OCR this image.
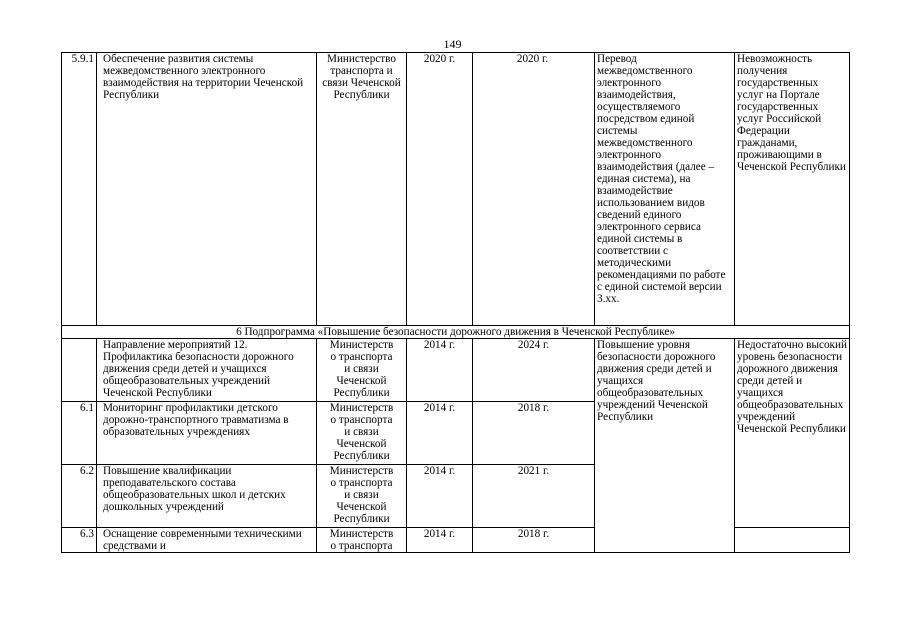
149
5.9.1	Обеспечение развития системы межведомственного электронного взаимодействия на территории Чеченской Республики	Министерство транспорта и связи Чеченской Республики	2020 г.	2020 г.	Перевод межведомственного электронного взаимодействия, осуществляемого посредством единой системы межведомственного электронного взаимодействия (далее – единая система), на взаимодействие использованием видов сведений единого электронного сервиса единой системы в соответствии с методическими рекомендациями по работе с единой системой версии 3.хх.	Невозможность получения государственных услуг на Портале государственных услуг Российской Федерации гражданами, проживающими в Чеченской Республики
6 Подпрограмма «Повышение безопасности дорожного движения в Чеченской Республике»						
	Направление мероприятий 12. Профилактика безопасности дорожного движения среди детей и учащихся общеобразовательных учреждений Чеченской Республики	Министерств
о транспорта
и связи
Чеченской
Республики	2014 г.	2024 г.	Повышение уровня безопасности дорожного движения среди детей и учащихся общеобразовательных учреждений Чеченской Республики	Недостаточно высокий уровень безопасности дорожного движения среди детей и учащихся общеобразовательных учреждений Чеченской Республики
6.1	Мониторинг профилактики детского дорожно-транспортного травматизма в образовательных учреждениях	Министерств
о транспорта
и связи
Чеченской
Республики	2014 г.	2018 г.		
6.2	Повышение квалификации преподавательского состава общеобразовательных школ и детских дошкольных учреждений	Министерств
о транспорта
и связи
Чеченской
Республики	2014 г.	2021 г.		
6.3	Оснащение современными техническими средствами и	Министерств
о транспорта	2014 г.	2018 г.		
